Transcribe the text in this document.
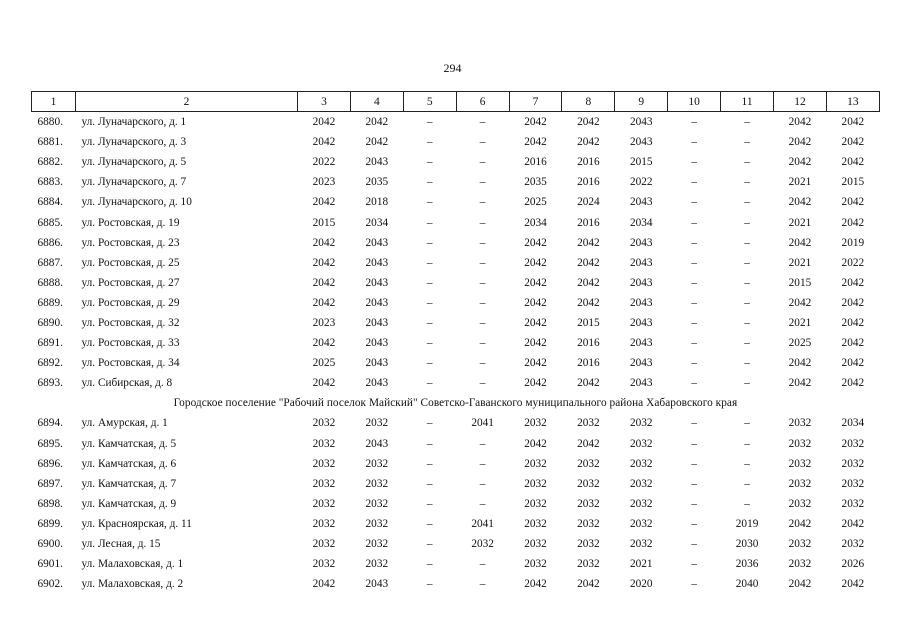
294
1	2	3	4	5	6	7	8	9	10	11	12	13
6880.	ул. Луначарского, д. 1	2042	2042	–	–	2042	2042	2043	–	–	2042	2042
6881.	ул. Луначарского, д. 3	2042	2042	–	–	2042	2042	2043	–	–	2042	2042
6882.	ул. Луначарского, д. 5	2022	2043	–	–	2016	2016	2015	–	–	2042	2042
6883.	ул. Луначарского, д. 7	2023	2035	–	–	2035	2016	2022	–	–	2021	2015
6884.	ул. Луначарского, д. 10	2042	2018	–	–	2025	2024	2043	–	–	2042	2042
6885.	ул. Ростовская, д. 19	2015	2034	–	–	2034	2016	2034	–	–	2021	2042
6886.	ул. Ростовская, д. 23	2042	2043	–	–	2042	2042	2043	–	–	2042	2019
6887.	ул. Ростовская, д. 25	2042	2043	–	–	2042	2042	2043	–	–	2021	2022
6888.	ул. Ростовская, д. 27	2042	2043	–	–	2042	2042	2043	–	–	2015	2042
6889.	ул. Ростовская, д. 29	2042	2043	–	–	2042	2042	2043	–	–	2042	2042
6890.	ул. Ростовская, д. 32	2023	2043	–	–	2042	2015	2043	–	–	2021	2042
6891.	ул. Ростовская, д. 33	2042	2043	–	–	2042	2016	2043	–	–	2025	2042
6892.	ул. Ростовская, д. 34	2025	2043	–	–	2042	2016	2043	–	–	2042	2042
6893.	ул. Сибирская, д. 8	2042	2043	–	–	2042	2042	2043	–	–	2042	2042
Городское поселение "Рабочий поселок Майский" Советско-Гаванского муниципального района Хабаровского края												
6894.	ул. Амурская, д. 1	2032	2032	–	2041	2032	2032	2032	–	–	2032	2034
6895.	ул. Камчатская, д. 5	2032	2043	–	–	2042	2042	2032	–	–	2032	2032
6896.	ул. Камчатская, д. 6	2032	2032	–	–	2032	2032	2032	–	–	2032	2032
6897.	ул. Камчатская, д. 7	2032	2032	–	–	2032	2032	2032	–	–	2032	2032
6898.	ул. Камчатская, д. 9	2032	2032	–	–	2032	2032	2032	–	–	2032	2032
6899.	ул. Красноярская, д. 11	2032	2032	–	2041	2032	2032	2032	–	2019	2042	2042
6900.	ул. Лесная, д. 15	2032	2032	–	2032	2032	2032	2032	–	2030	2032	2032
6901.	ул. Малаховская, д. 1	2032	2032	–	–	2032	2032	2021	–	2036	2032	2026
6902.	ул. Малаховская, д. 2	2042	2043	–	–	2042	2042	2020	–	2040	2042	2042
